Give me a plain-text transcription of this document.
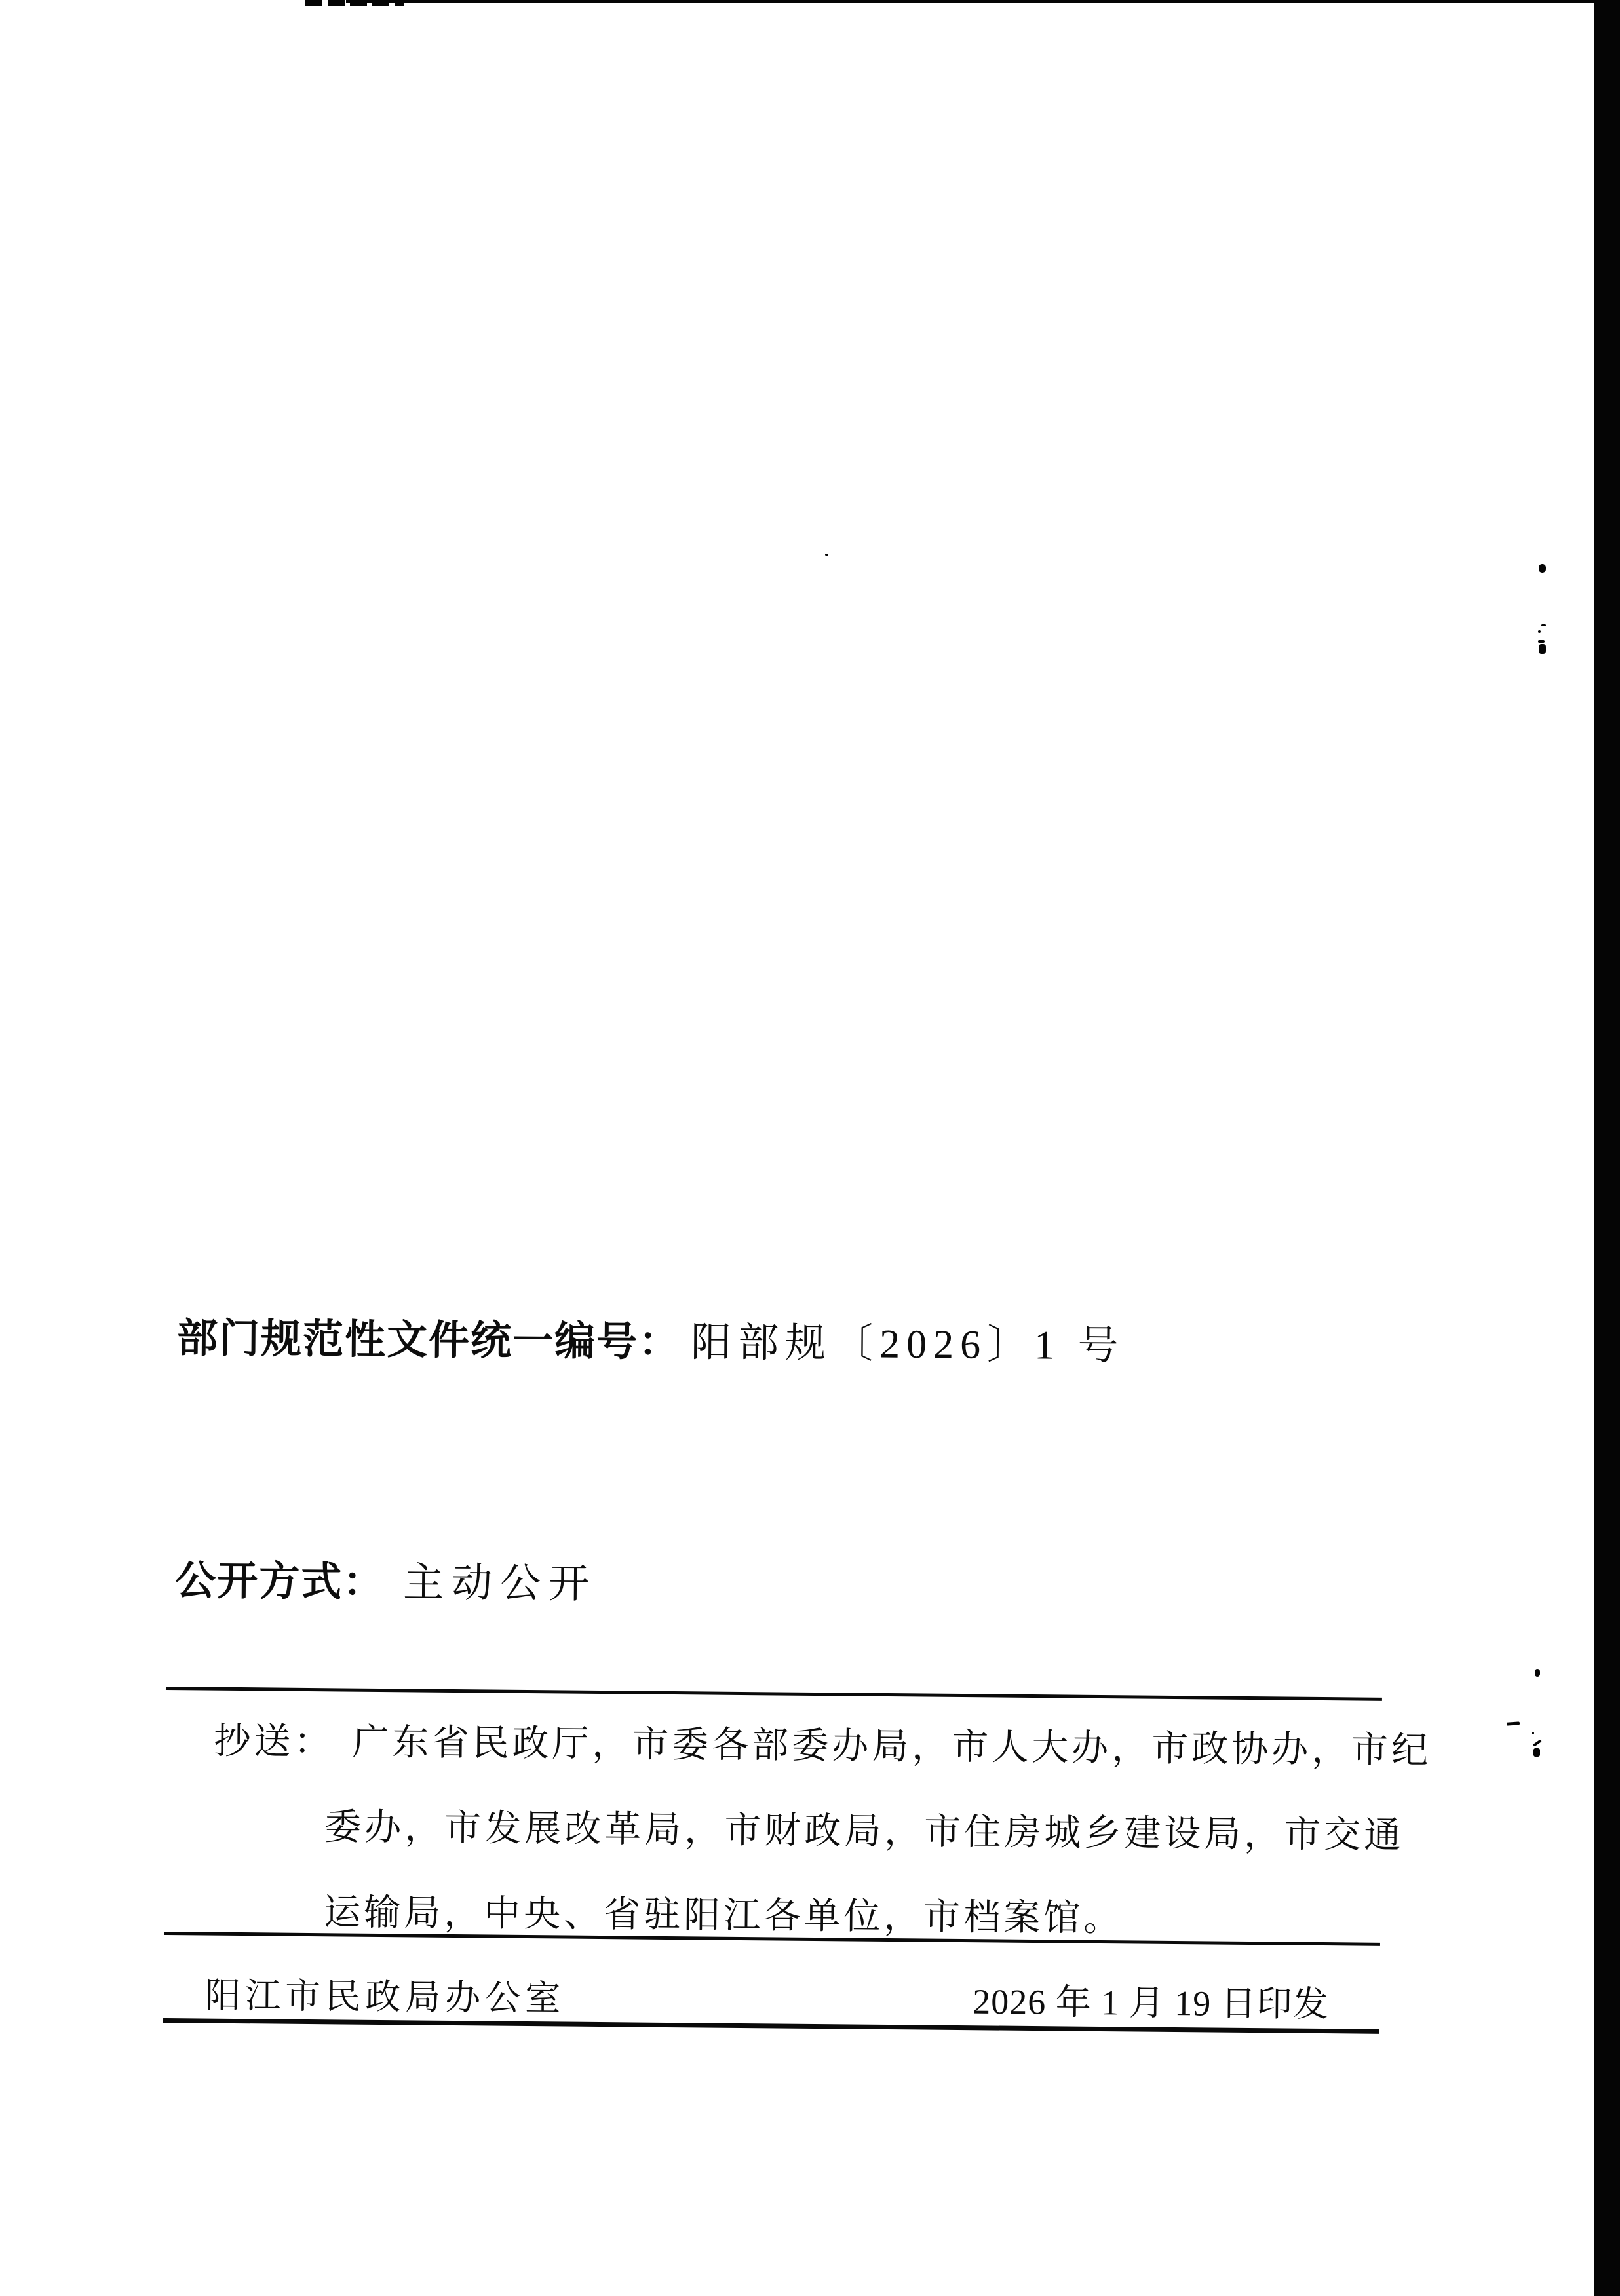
部门规范性文件统一编号： 阳部规〔2026〕1 号
公开方式： 主动公开
抄送： 广东省民政厅，市委各部委办局，市人大办，市政协办，市纪
委办，市发展改革局，市财政局，市住房城乡建设局，市交通
运输局，中央、省驻阳江各单位，市档案馆。
阳江市民政局办公室	2026 年 1 月 19 日印发
